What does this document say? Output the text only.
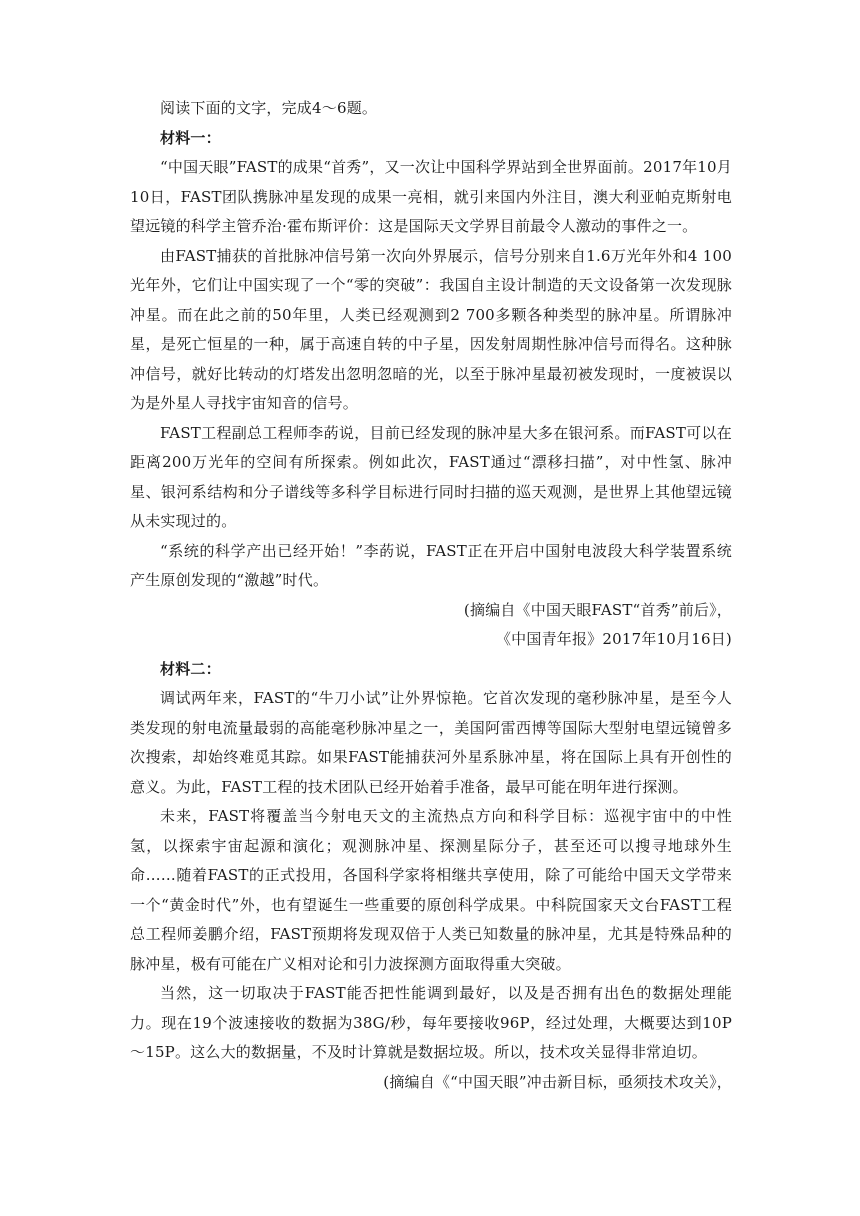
阅读下面的文字，完成4～6题。

材料一：

“中国天眼”FAST的成果“首秀”，又一次让中国科学界站到全世界面前。2017年10月10日，FAST团队携脉冲星发现的成果一亮相，就引来国内外注目，澳大利亚帕克斯射电望远镜的科学主管乔治·霍布斯评价：这是国际天文学界目前最令人激动的事件之一。

由FAST捕获的首批脉冲信号第一次向外界展示，信号分别来自1.6万光年外和4 100光年外，它们让中国实现了一个“零的突破”：我国自主设计制造的天文设备第一次发现脉冲星。而在此之前的50年里，人类已经观测到2 700多颗各种类型的脉冲星。所谓脉冲星，是死亡恒星的一种，属于高速自转的中子星，因发射周期性脉冲信号而得名。这种脉冲信号，就好比转动的灯塔发出忽明忽暗的光，以至于脉冲星最初被发现时，一度被误以为是外星人寻找宇宙知音的信号。

FAST工程副总工程师李菂说，目前已经发现的脉冲星大多在银河系。而FAST可以在距离200万光年的空间有所探索。例如此次，FAST通过“漂移扫描”，对中性氢、脉冲星、银河系结构和分子谱线等多科学目标进行同时扫描的巡天观测，是世界上其他望远镜从未实现过的。

“系统的科学产出已经开始！”李菂说，FAST正在开启中国射电波段大科学装置系统产生原创发现的“激越”时代。

(摘编自《中国天眼FAST“首秀”前后》，

《中国青年报》2017年10月16日)

材料二：

调试两年来，FAST的“牛刀小试”让外界惊艳。它首次发现的毫秒脉冲星，是至今人类发现的射电流量最弱的高能毫秒脉冲星之一，美国阿雷西博等国际大型射电望远镜曾多次搜索，却始终难觅其踪。如果FAST能捕获河外星系脉冲星，将在国际上具有开创性的意义。为此，FAST工程的技术团队已经开始着手准备，最早可能在明年进行探测。

未来，FAST将覆盖当今射电天文的主流热点方向和科学目标：巡视宇宙中的中性氢，以探索宇宙起源和演化；观测脉冲星、探测星际分子，甚至还可以搜寻地球外生命……随着FAST的正式投用，各国科学家将相继共享使用，除了可能给中国天文学带来一个“黄金时代”外，也有望诞生一些重要的原创科学成果。中科院国家天文台FAST工程总工程师姜鹏介绍，FAST预期将发现双倍于人类已知数量的脉冲星，尤其是特殊品种的脉冲星，极有可能在广义相对论和引力波探测方面取得重大突破。

当然，这一切取决于FAST能否把性能调到最好，以及是否拥有出色的数据处理能力。现在19个波速接收的数据为38G/秒，每年要接收96P，经过处理，大概要达到10P～15P。这么大的数据量，不及时计算就是数据垃圾。所以，技术攻关显得非常迫切。

(摘编自《“中国天眼”冲击新目标，亟须技术攻关》，
